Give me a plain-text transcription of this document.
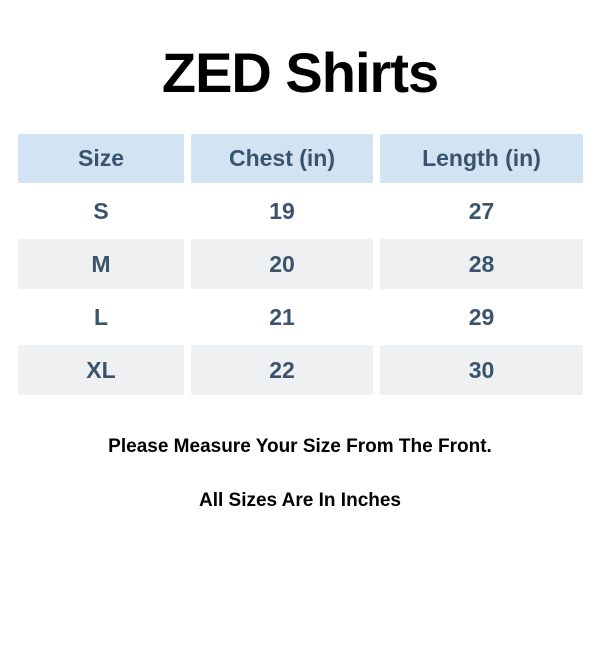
ZED Shirts
Size	Chest (in)	Length (in)
S	19	27
M	20	28
L	21	29
XL	22	30

Please Measure Your Size From The Front.

All Sizes Are In Inches
